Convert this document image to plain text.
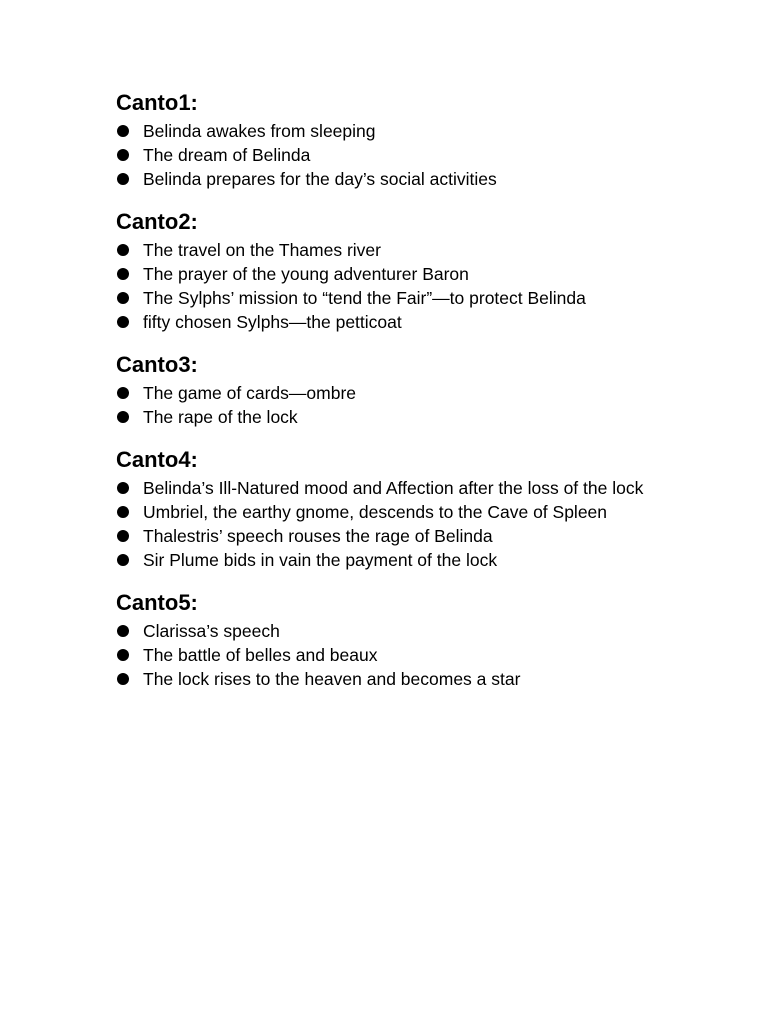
Canto1:
Belinda awakes from sleeping
The dream of Belinda
Belinda prepares for the day’s social activities
Canto2:
The travel on the Thames river
The prayer of the young adventurer Baron
The Sylphs’ mission to “tend the Fair”—to protect Belinda
fifty chosen Sylphs—the petticoat
Canto3:
The game of cards—ombre
The rape of the lock
Canto4:
Belinda’s Ill-Natured mood and Affection after the loss of the lock
Umbriel, the earthy gnome, descends to the Cave of Spleen
Thalestris’ speech rouses the rage of Belinda
Sir Plume bids in vain the payment of the lock
Canto5:
Clarissa’s speech
The battle of belles and beaux
The lock rises to the heaven and becomes a star
